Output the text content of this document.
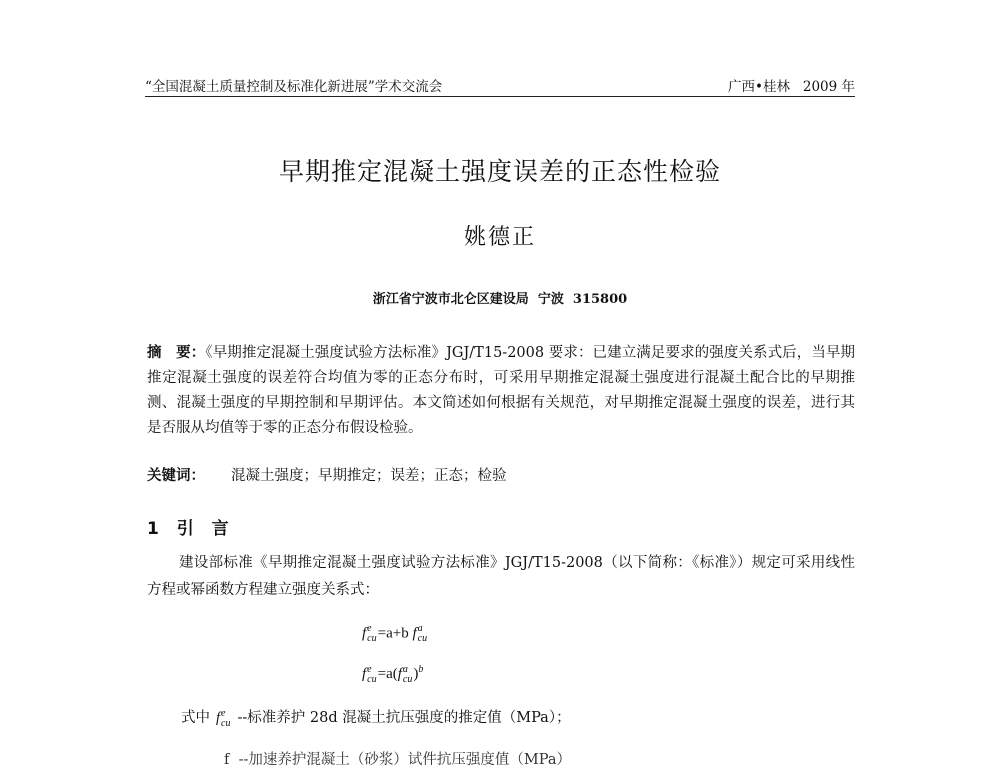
“全国混凝土质量控制及标准化新进展”学术交流会	广西•桂林   2009 年
早期推定混凝土强度误差的正态性检验
姚德正
浙江省宁波市北仑区建设局  宁波  315800
摘　要：《早期推定混凝土强度试验方法标准》JGJ/T15-2008 要求：已建立满足要求的强度关系式后，当早期推定混凝土强度的误差符合均值为零的正态分布时，可采用早期推定混凝土强度进行混凝土配合比的早期推测、混凝土强度的早期控制和早期评估。本文简述如何根据有关规范，对早期推定混凝土强度的误差，进行其是否服从均值等于零的正态分布假设检验。
关键词： 混凝土强度；早期推定；误差；正态；检验
1 引 言
建设部标准《早期推定混凝土强度试验方法标准》JGJ/T15-2008（以下简称：《标准》）规定可采用线性方程或幂函数方程建立强度关系式：
f e
cu =a+b f a
cu
f e
cu =a(f a
cu )$^b$
式中 f e
cu --标准养护 28d 混凝土抗压强度的推定值（MPa）；
f  --加速养护混凝土（砂浆）试件抗压强度值（MPa）
